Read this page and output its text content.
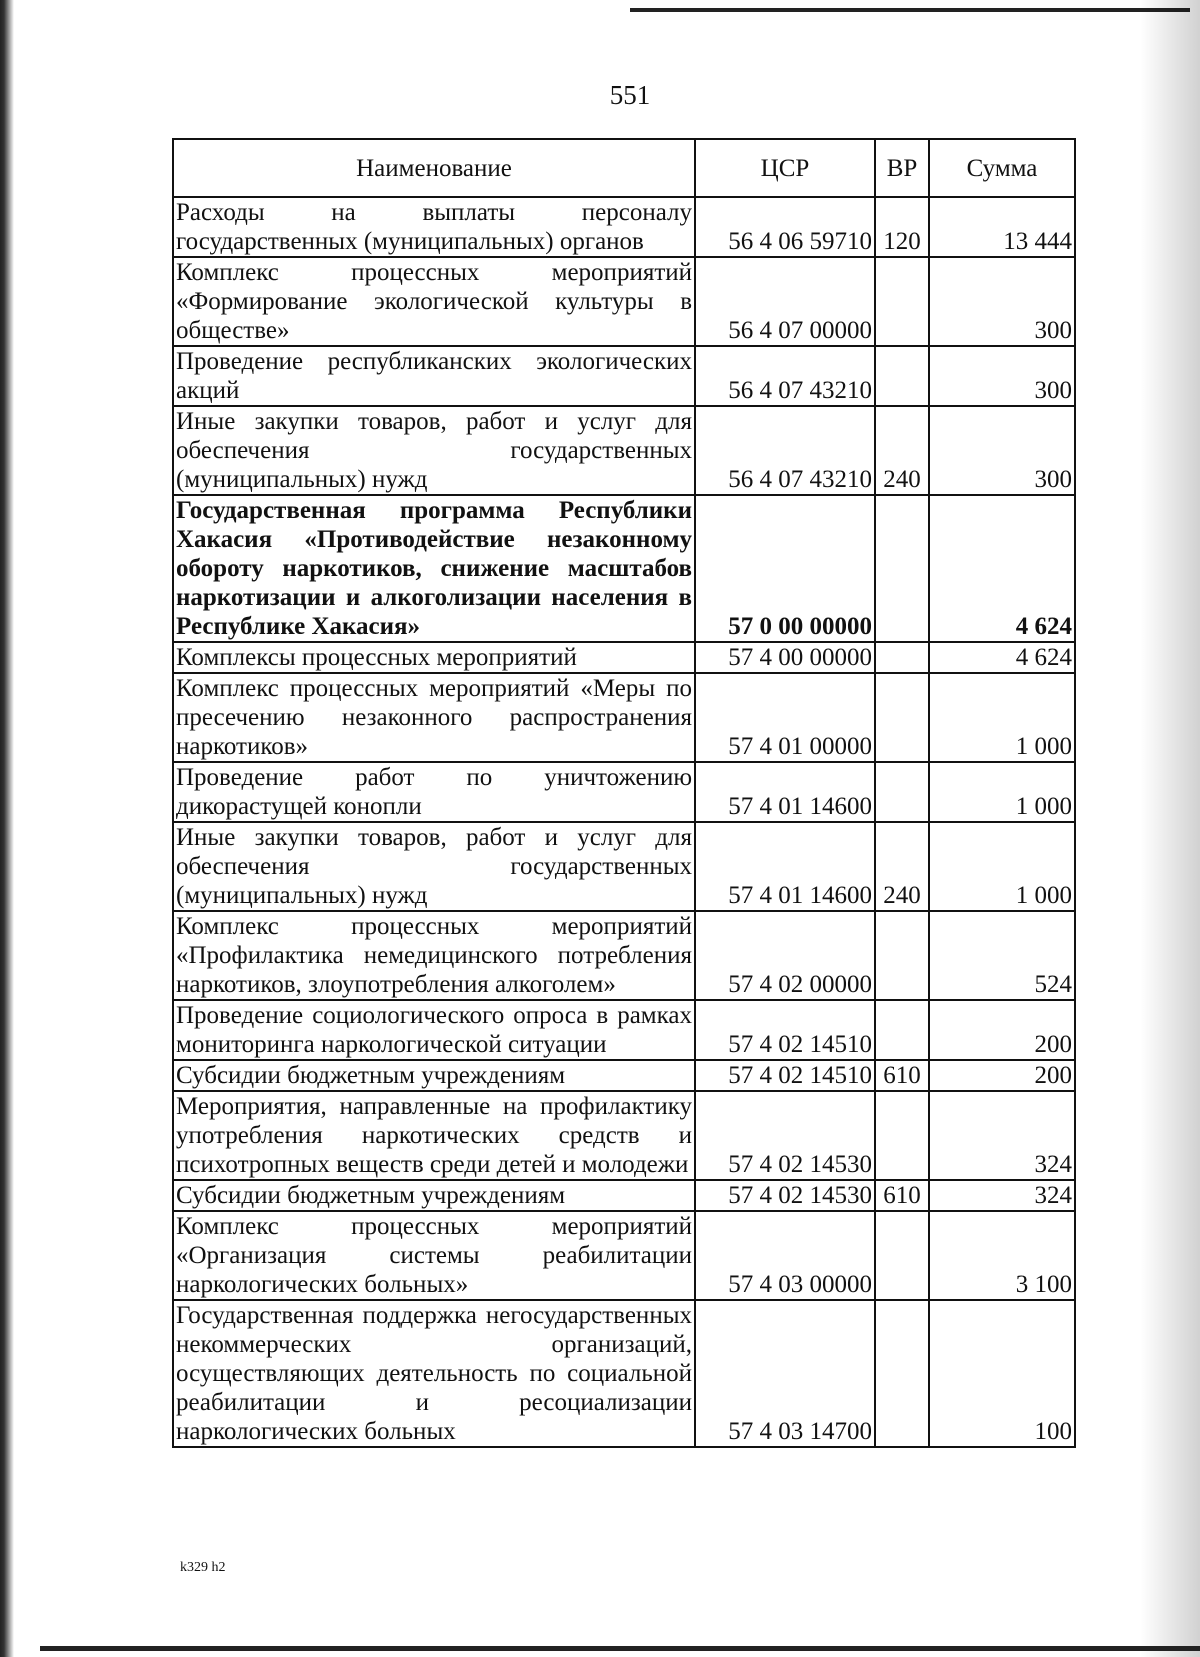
551
Наименование	ЦСР	ВР	Сумма
Расходы на выплаты персоналу государственных (муниципальных) органов	56 4 06 59710	120	13 444
Комплекс процессных мероприятий «Формирование экологической культуры в обществе»	56 4 07 00000		300
Проведение республиканских экологических акций	56 4 07 43210		300
Иные закупки товаров, работ и услуг для обеспечения государственных (муниципальных) нужд	56 4 07 43210	240	300
Государственная программа Республики Хакасия «Противодействие незаконному обороту наркотиков, снижение масштабов наркотизации и алкоголизации населения в Республике Хакасия»	57 0 00 00000		4 624
Комплексы процессных мероприятий	57 4 00 00000		4 624
Комплекс процессных мероприятий «Меры по пресечению незаконного распространения наркотиков»	57 4 01 00000		1 000
Проведение работ по уничтожению дикорастущей конопли	57 4 01 14600		1 000
Иные закупки товаров, работ и услуг для обеспечения государственных (муниципальных) нужд	57 4 01 14600	240	1 000
Комплекс процессных мероприятий «Профилактика немедицинского потребления наркотиков, злоупотребления алкоголем»	57 4 02 00000		524
Проведение социологического опроса в рамках мониторинга наркологической ситуации	57 4 02 14510		200
Субсидии бюджетным учреждениям	57 4 02 14510	610	200
Мероприятия, направленные на профилактику употребления наркотических средств и психотропных веществ среди детей и молодежи	57 4 02 14530		324
Субсидии бюджетным учреждениям	57 4 02 14530	610	324
Комплекс процессных мероприятий «Организация системы реабилитации наркологических больных»	57 4 03 00000		3 100
Государственная поддержка негосударственных некоммерческих организаций, осуществляющих деятельность по социальной реабилитации и ресоциализации наркологических больных	57 4 03 14700		100
k329 h2
